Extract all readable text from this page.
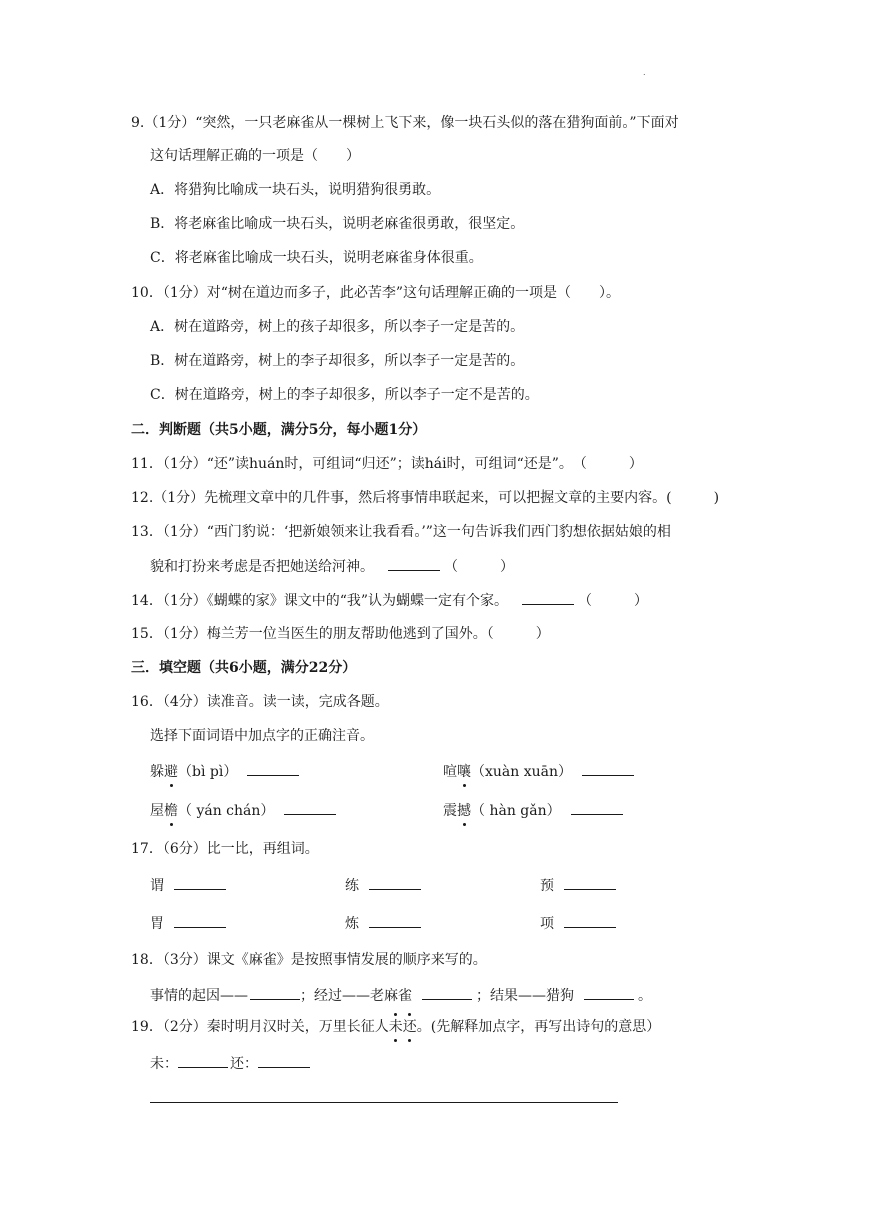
.
9.（1分）“突然，一只老麻雀从一棵树上飞下来，像一块石头似的落在猎狗面前。”下面对
这句话理解正确的一项是（　　）
A．将猎狗比喻成一块石头，说明猎狗很勇敢。
B．将老麻雀比喻成一块石头，说明老麻雀很勇敢，很坚定。
C．将老麻雀比喻成一块石头，说明老麻雀身体很重。
10．（1分）对“树在道边而多子，此必苦李”这句话理解正确的一项是（　　）。
A．树在道路旁，树上的孩子却很多，所以李子一定是苦的。
B．树在道路旁，树上的李子却很多，所以李子一定是苦的。
C．树在道路旁，树上的李子却很多，所以李子一定不是苦的。
二．判断题（共5小题，满分5分，每小题1分）
11．（1分）“还”读huán时，可组词“归还”；读hái时，可组词“还是”。　（　　　）
12.（1分）先梳理文章中的几件事，然后将事情串联起来，可以把握文章的主要内容。(　　　)
13．（1分）“西门豹说：‘把新娘领来让我看看。’”这一句告诉我们西门豹想依据姑娘的相
貌和打扮来考虑是否把她送给河神。	（　　　）
14．（1分）《蝴蝶的家》课文中的“我”认为蝴蝶一定有个家。	（　　　）
15．（1分）梅兰芳一位当医生的朋友帮助他逃到了国外。（　　　）
三．填空题（共6小题，满分22分）
16．（4分）读准音。读一读，完成各题。
选择下面词语中加点字的正确注音。
躲避（bì pì）	喧嚷（xuàn xuān）
屋檐（ yán chán）	震撼（ hàn gǎn）
17．（6分）比一比，再组词。
谓	练	预
胃	炼	项
18．（3分）课文《麻雀》是按照事情发展的顺序来写的。
事情的起因——	；经过——老麻雀	；结果——猎狗	。
19．（2分）秦时明月汉时关，万里长征人未还。(先解释加点字，再写出诗句的意思）
未：	还：
